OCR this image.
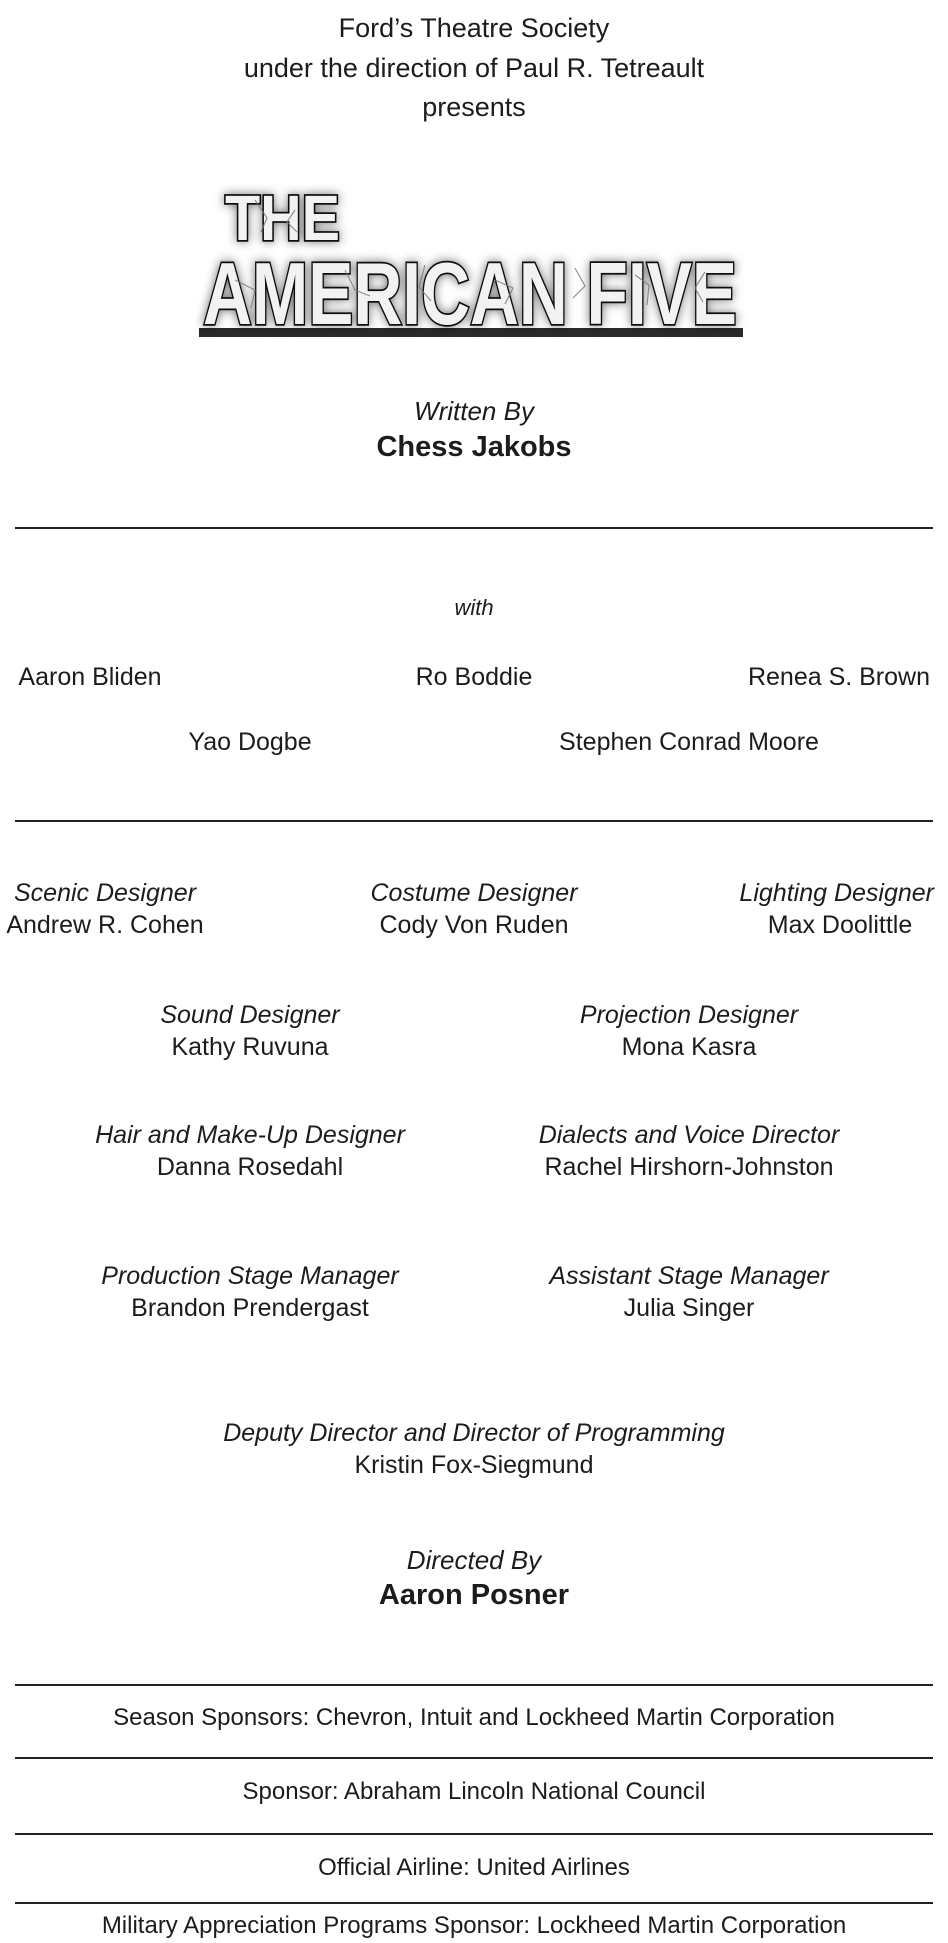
Ford’s Theatre Society
under the direction of Paul R. Tetreault
presents
THE
AMERICAN FIVE
Written By
Chess Jakobs
with
Aaron Bliden	Ro Boddie	Renea S. Brown
Yao Dogbe	Stephen Conrad Moore
Scenic Designer
Andrew R. Cohen
Costume Designer
Cody Von Ruden
Lighting Designer
Max Doolittle
Sound Designer
Kathy Ruvuna
Projection Designer
Mona Kasra
Hair and Make-Up Designer
Danna Rosedahl
Dialects and Voice Director
Rachel Hirshorn-Johnston
Production Stage Manager
Brandon Prendergast
Assistant Stage Manager
Julia Singer
Deputy Director and Director of Programming
Kristin Fox-Siegmund
Directed By
Aaron Posner
Season Sponsors: Chevron, Intuit and Lockheed Martin Corporation
Sponsor: Abraham Lincoln National Council
Official Airline: United Airlines
Military Appreciation Programs Sponsor: Lockheed Martin Corporation
